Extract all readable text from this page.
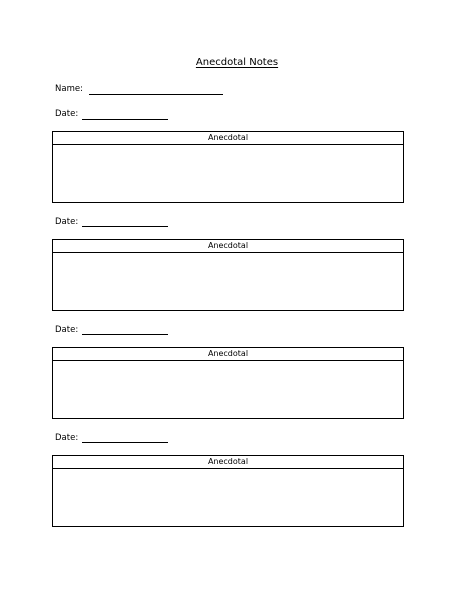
Anecdotal Notes
Name:
Date:
Anecdotal
Date:
Anecdotal
Date:
Anecdotal
Date:
Anecdotal
